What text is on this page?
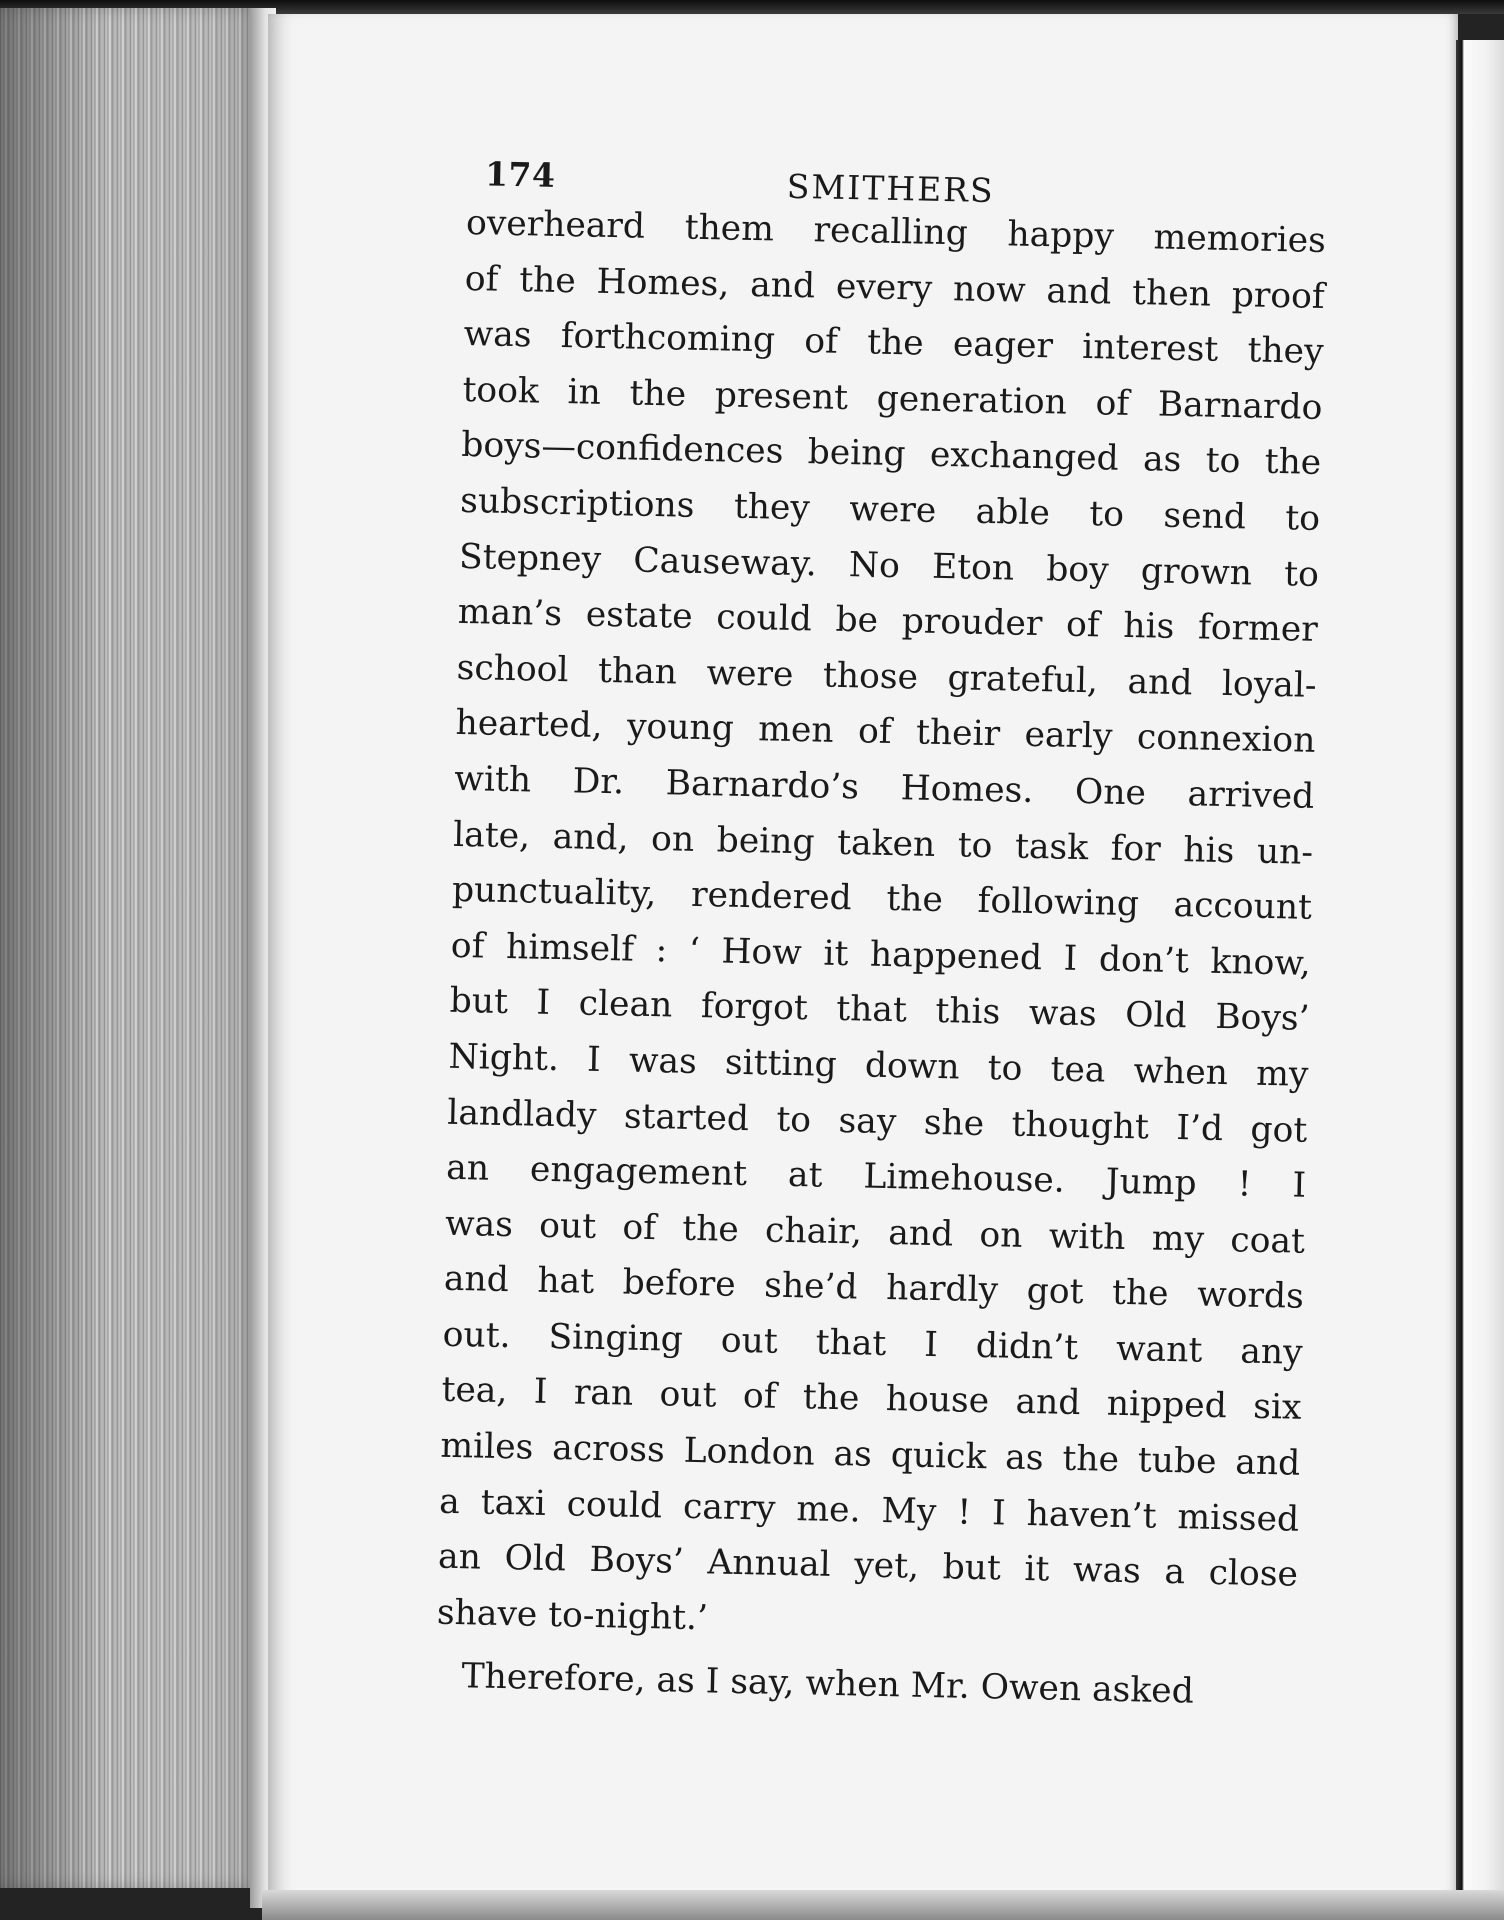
174	SMITHERS
overheard them recalling happy memories
of the Homes, and every now and then proof
was forthcoming of the eager interest they
took in the present generation of Barnardo
boys—confidences being exchanged as to the
subscriptions they were able to send to
Stepney Causeway. No Eton boy grown to
man’s estate could be prouder of his former
school than were those grateful, and loyal-
hearted, young men of their early connexion
with Dr. Barnardo’s Homes. One arrived
late, and, on being taken to task for his un-
punctuality, rendered the following account
of himself : ‘ How it happened I don’t know,
but I clean forgot that this was Old Boys’
Night. I was sitting down to tea when my
landlady started to say she thought I’d got
an engagement at Limehouse. Jump ! I
was out of the chair, and on with my coat
and hat before she’d hardly got the words
out. Singing out that I didn’t want any
tea, I ran out of the house and nipped six
miles across London as quick as the tube and
a taxi could carry me. My ! I haven’t missed
an Old Boys’ Annual yet, but it was a close
shave to-night.’
Therefore, as I say, when Mr. Owen asked
